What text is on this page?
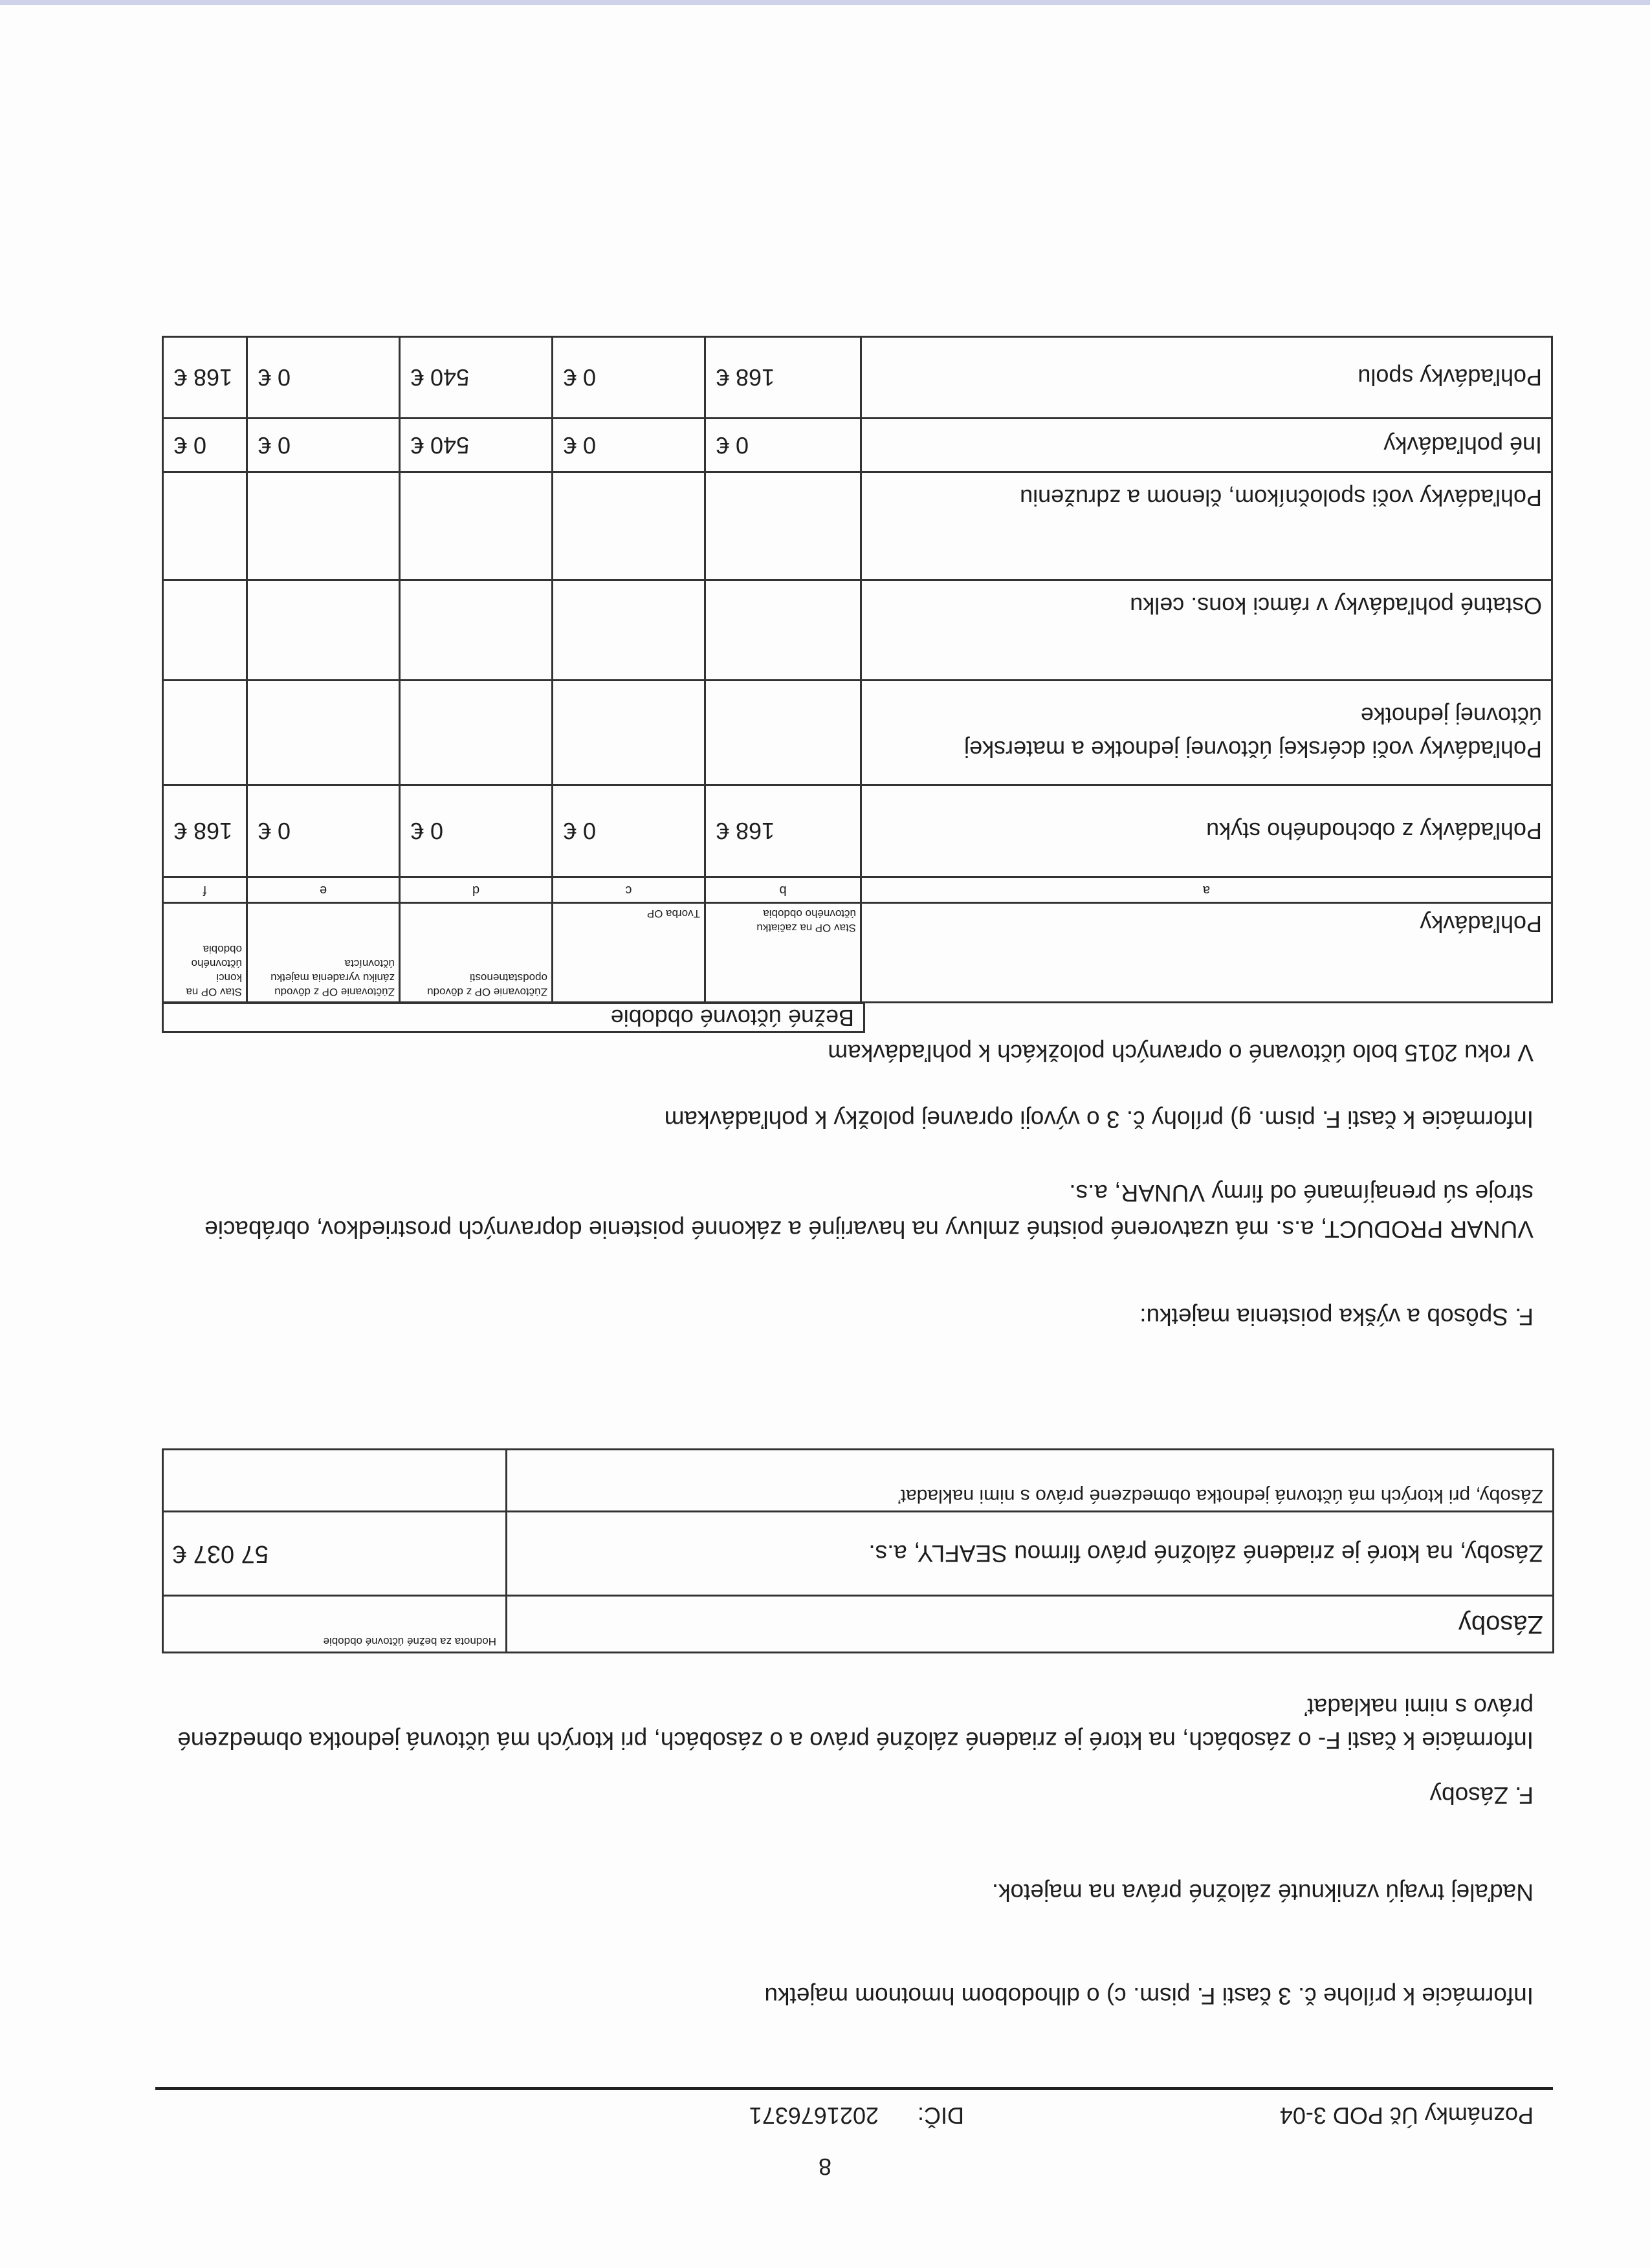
8
Poznámky Úč POD 3-04
DIČ:      2021676371
Informácie k prílohe č. 3 časti F. pism. c) o dlhodobom hmotnom majetku
Naďalej trvajú vzniknuté záložné práva na majetok.
F. Zásoby
Informácie k časti F- o zásobách, na ktoré je zriadené záložné právo a o zásobách, pri ktorých má účtovná jednotka obmedzené právo s nimi nakladať
Zásoby	Hodnota za bežné účtovné obdobie
Zásoby, na ktoré je zriadené záložné právo firmou SEAFLY, a.s.	57 037 €
Zásoby, pri ktorých má účtovná jednotka obmedzené právo s nimi nakladať	
F. Spôsob a výška poistenia majetku:
VUNAR PRODUCT, a.s. má uzatvorené poistné zmluvy na havarijné a zákonné poistenie dopravných prostriedkov, obrábacie stroje sú prenajímané od firmy VUNAR, a.s.
Informácie k časti F. pism. g) prílohy č. 3 o vývoji opravnej položky k pohľadávkam
V roku 2015 bolo účtované o opravných položkách k pohľadávkam
Bežné účtovné obdobie
Pohľadávky	Stav OP na začiatku účtovného obdobia	Tvorba OP	Zúčtovanie OP z dôvodu opodstatnenosti	Zúčtovanie OP z dôvodu zániku vyradenia majetku účtovnícta	Stav OP na konci účtovného obdobia
a	b	c	d	e	f
Pohľadávky z obchodného styku	168 €	0 €	0 €	0 €	168 €
Pohľadávky voči dcérskej účtovnej jednotke a materskej účtovnej jednotke					
Ostatné pohľadávky v rámci kons. celku					
Pohľadávky voči spoločníkom, členom a združeniu					
Iné pohľadávky	0 €	0 €	540 €	0 €	0 €
Pohľadávky spolu	168 €	0 €	540 €	0 €	168 €
